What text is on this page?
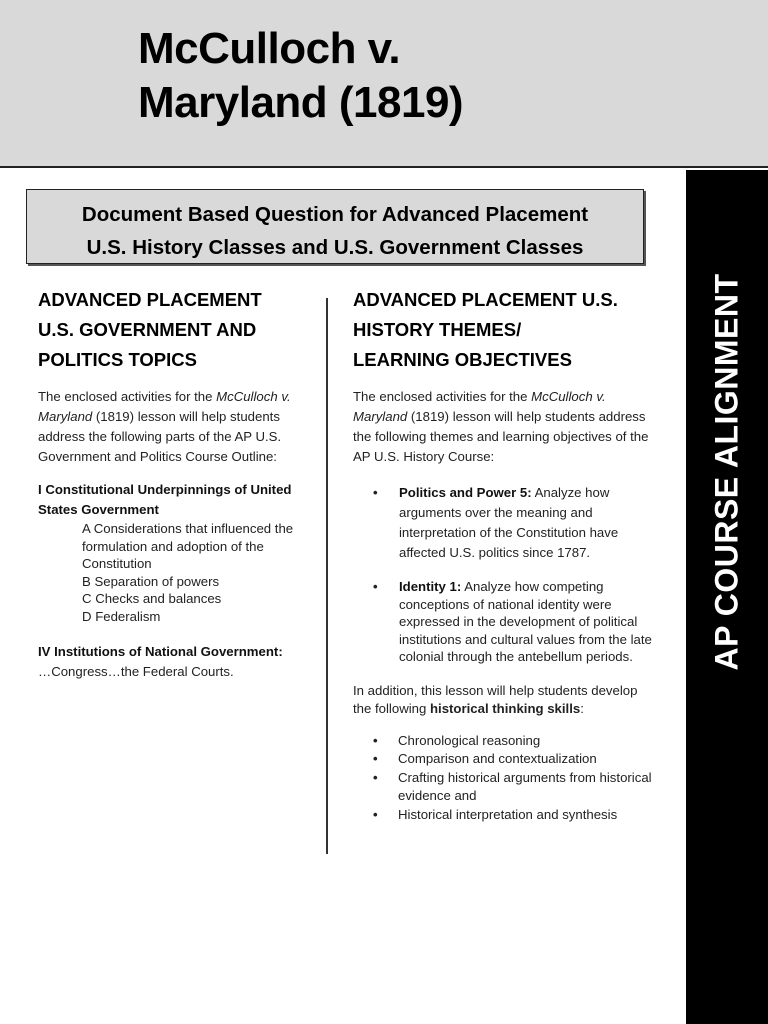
McCulloch v.
Maryland (1819)
AP COURSE ALIGNMENT
Document Based Question for Advanced Placement
U.S. History Classes and U.S. Government Classes
ADVANCED PLACEMENT
U.S. GOVERNMENT AND
POLITICS TOPICS

The enclosed activities for the McCulloch v. Maryland (1819) lesson will help students address the following parts of the AP U.S. Government and Politics Course Outline:

I Constitutional Underpinnings of United States Government
A Considerations that influenced the formulation and adoption of the Constitution
B Separation of powers
C Checks and balances
D Federalism
IV Institutions of National Government:
…Congress…the Federal Courts.
ADVANCED PLACEMENT U.S.
HISTORY THEMES/
LEARNING OBJECTIVES

The enclosed activities for the McCulloch v. Maryland (1819) lesson will help students address the following themes and learning objectives of the AP U.S. History Course:

• Politics and Power 5: Analyze how arguments over the meaning and interpretation of the Constitution have affected U.S. politics since 1787.
• Identity 1: Analyze how competing conceptions of national identity were expressed in the development of political institutions and cultural values from the late colonial through the antebellum periods.

In addition, this lesson will help students develop the following historical thinking skills:

• Chronological reasoning
• Comparison and contextualization
• Crafting historical arguments from historical evidence and
• Historical interpretation and synthesis
